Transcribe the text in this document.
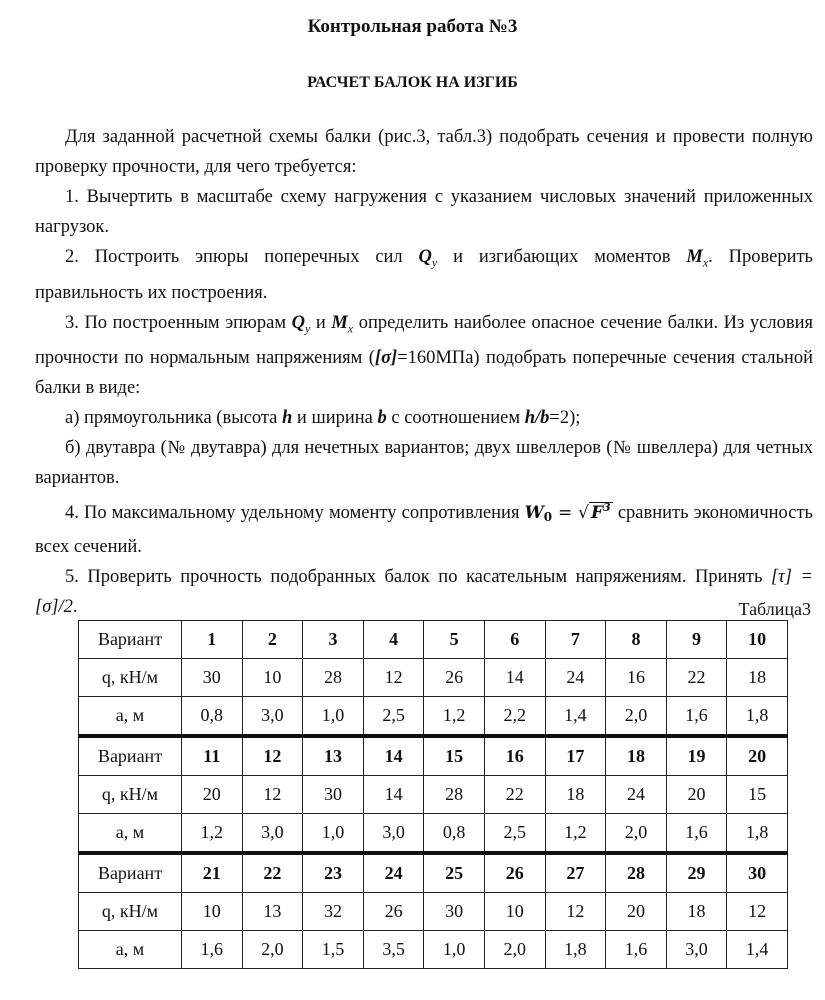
Контрольная работа №3
РАСЧЕТ БАЛОК НА ИЗГИБ

Для заданной расчетной схемы балки (рис.3, табл.3) подобрать сечения и провести полную проверку прочности, для чего требуется:

1. Вычертить в масштабе схему нагружения с указанием числовых значений приложенных нагрузок.

2. Построить эпюры поперечных сил $Q_y$ и изгибающих моментов $M_x$. Проверить правильность их построения.

3. По построенным эпюрам $Q_y$ и $M_x$ определить наиболее опасное сечение балки. Из условия прочности по нормальным напряжениям ([σ]=160МПа) подобрать поперечные сечения стальной балки в виде:

а) прямоугольника (высота h и ширина b с соотношением h/b=2);

б) двутавра (№ двутавра) для нечетных вариантов; двух швеллеров (№ швеллера) для четных вариантов.

4. По максимальному удельному моменту сопротивления W0 = √ $F^3$ сравнить экономичность всех сечений.

5. Проверить прочность подобранных балок по касательным напряжениям. Принять [τ] = [σ]/2.	Таблица3
Вариант	1	2	3	4	5	6	7	8	9	10
q, кН/м	30	10	28	12	26	14	24	16	22	18
а, м	0,8	3,0	1,0	2,5	1,2	2,2	1,4	2,0	1,6	1,8
Вариант	11	12	13	14	15	16	17	18	19	20
q, кН/м	20	12	30	14	28	22	18	24	20	15
а, м	1,2	3,0	1,0	3,0	0,8	2,5	1,2	2,0	1,6	1,8
Вариант	21	22	23	24	25	26	27	28	29	30
q, кН/м	10	13	32	26	30	10	12	20	18	12
а, м	1,6	2,0	1,5	3,5	1,0	2,0	1,8	1,6	3,0	1,4
